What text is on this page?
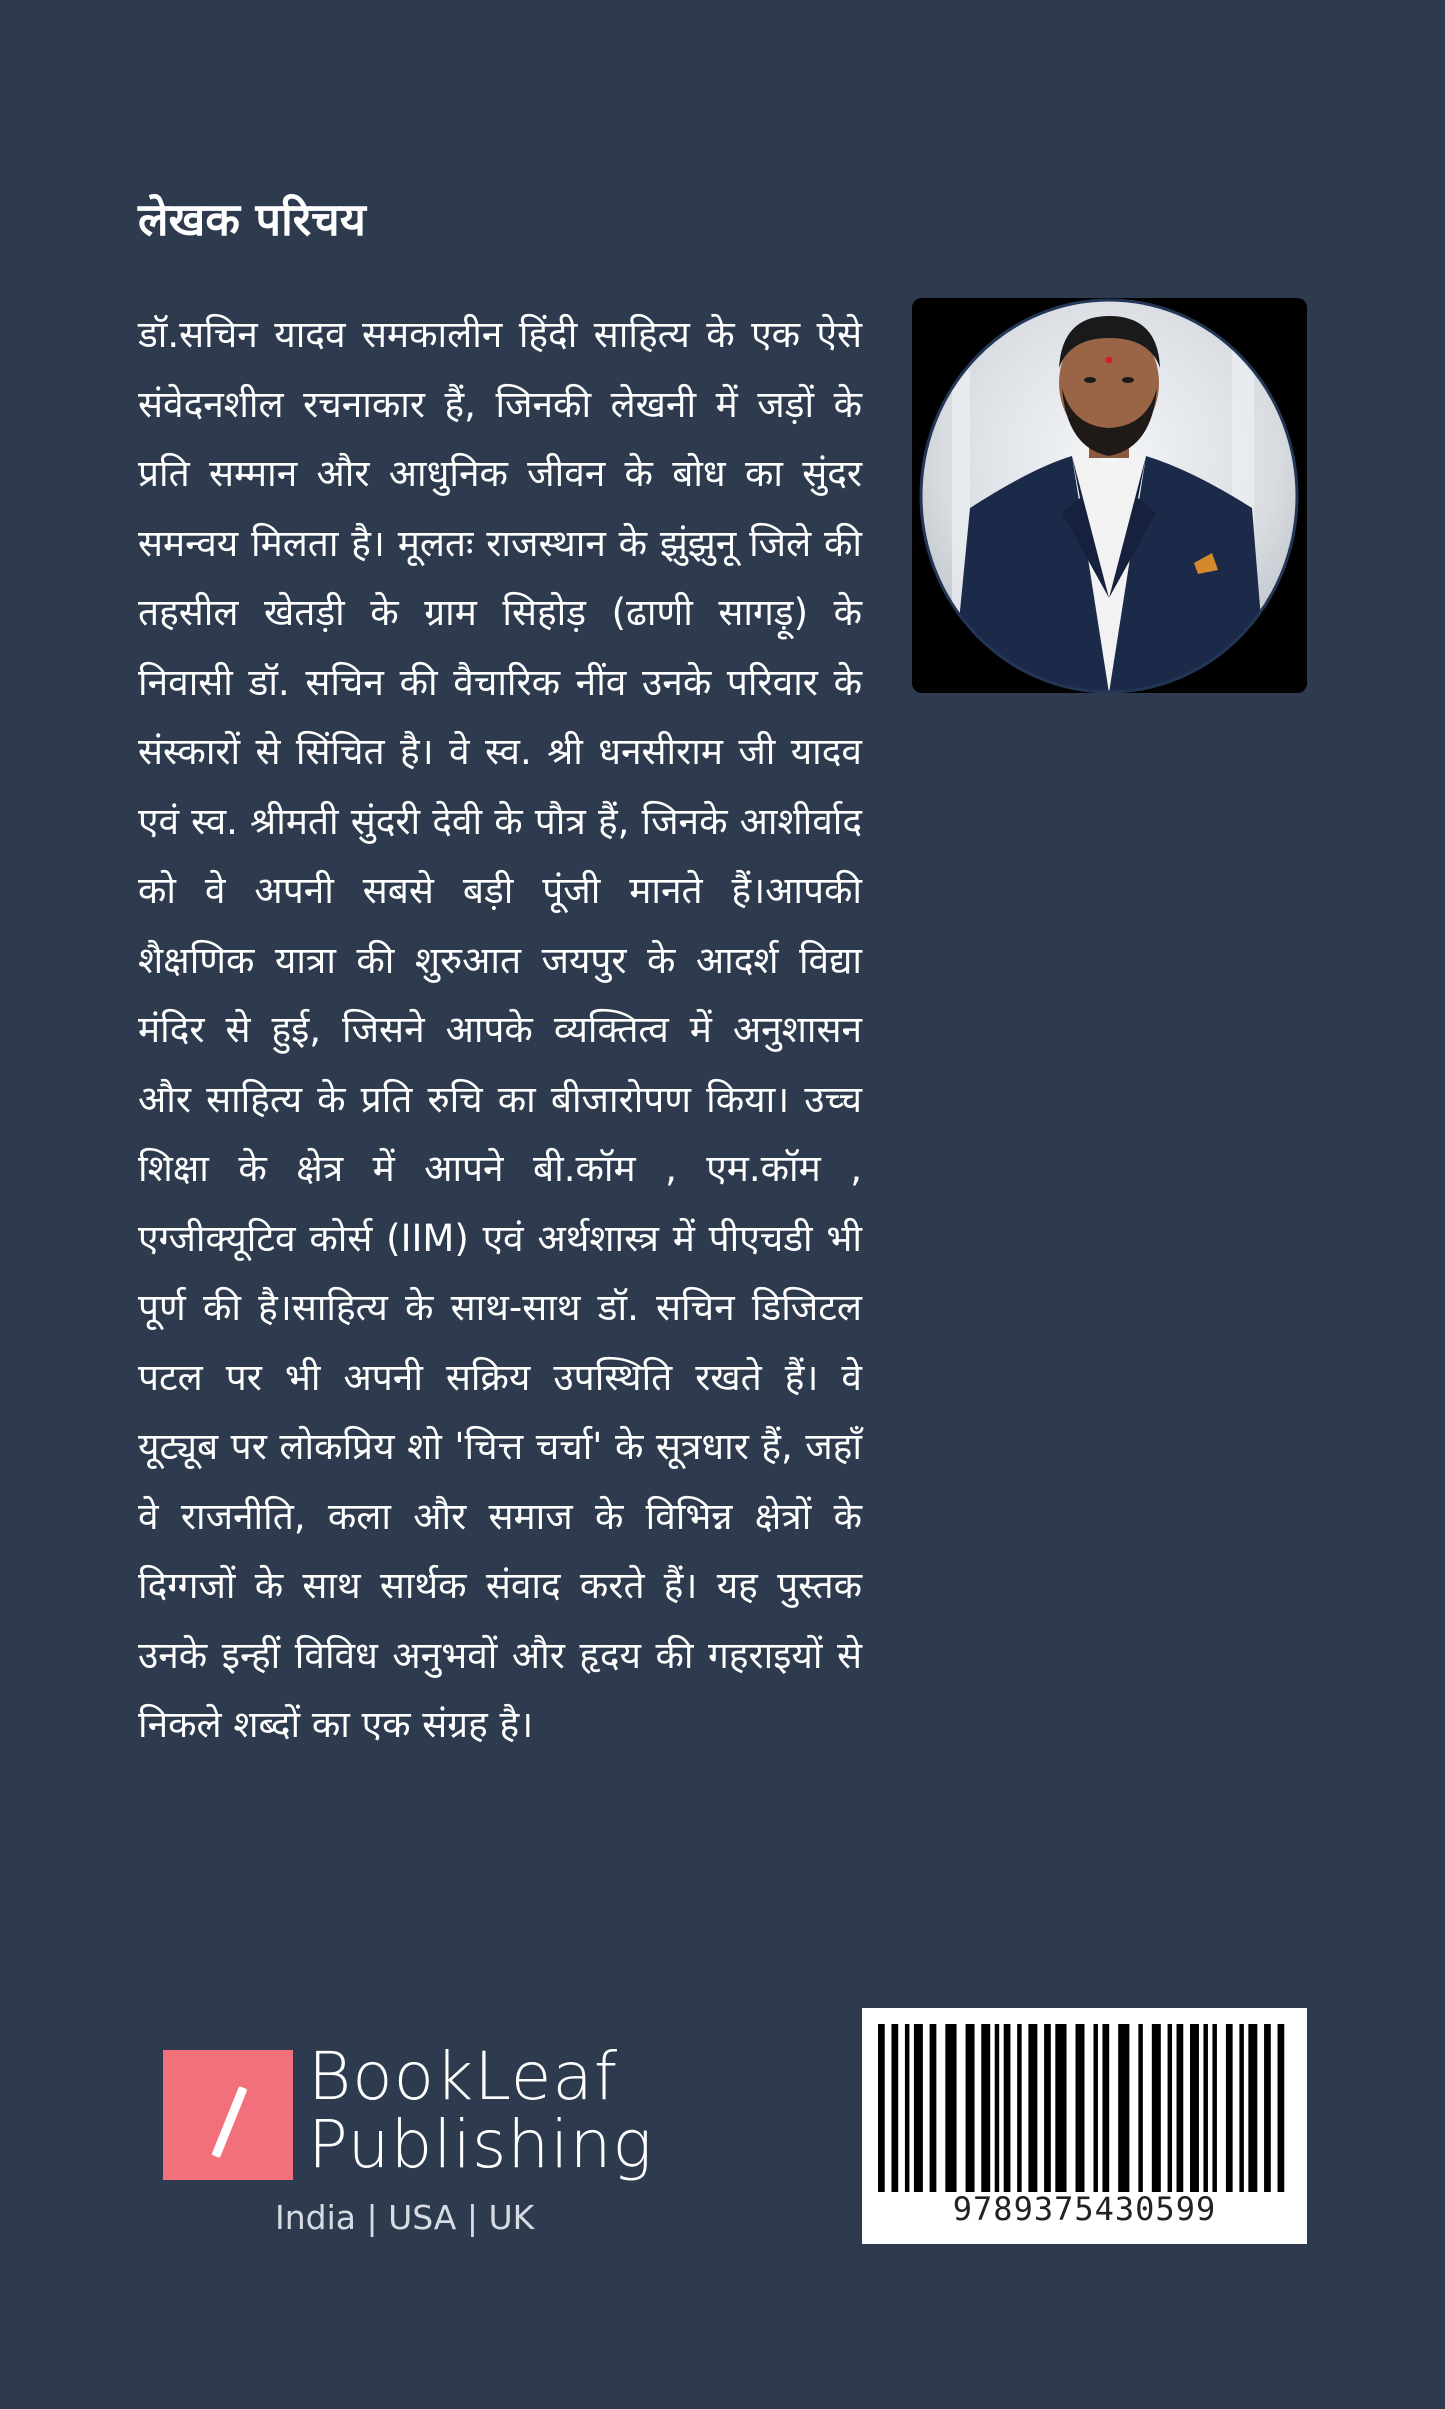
लेखक परिचय

डॉ.सचिन यादव समकालीन हिंदी साहित्य के एक ऐसे संवेदनशील रचनाकार हैं, जिनकी लेखनी में जड़ों के प्रति सम्मान और आधुनिक जीवन के बोध का सुंदर समन्वय मिलता है। मूलतः राजस्थान के झुंझुनू जिले की तहसील खेतड़ी के ग्राम सिहोड़ (ढाणी सागड़ू) के निवासी डॉ. सचिन की वैचारिक नींव उनके परिवार के संस्कारों से सिंचित है। वे स्व. श्री धनसीराम जी यादव एवं स्व. श्रीमती सुंदरी देवी के पौत्र हैं, जिनके आशीर्वाद को वे अपनी सबसे बड़ी पूंजी मानते हैं।आपकी शैक्षणिक यात्रा की शुरुआत जयपुर के आदर्श विद्या मंदिर से हुई, जिसने आपके व्यक्तित्व में अनुशासन और साहित्य के प्रति रुचि का बीजारोपण किया। उच्च शिक्षा के क्षेत्र में आपने बी.कॉम , एम.कॉम , एग्जीक्यूटिव कोर्स (IIM) एवं अर्थशास्त्र में पीएचडी भी पूर्ण की है।साहित्य के साथ-साथ डॉ. सचिन डिजिटल पटल पर भी अपनी सक्रिय उपस्थिति रखते हैं। वे यूट्यूब पर लोकप्रिय शो 'चित्त चर्चा' के सूत्रधार हैं, जहाँ वे राजनीति, कला और समाज के विभिन्न क्षेत्रों के दिग्गजों के साथ सार्थक संवाद करते हैं। यह पुस्तक उनके इन्हीं विविध अनुभवों और हृदय की गहराइयों से निकले शब्दों का एक संग्रह है।

BookLeaf
Publishing
India | USA | UK	9789375430599
